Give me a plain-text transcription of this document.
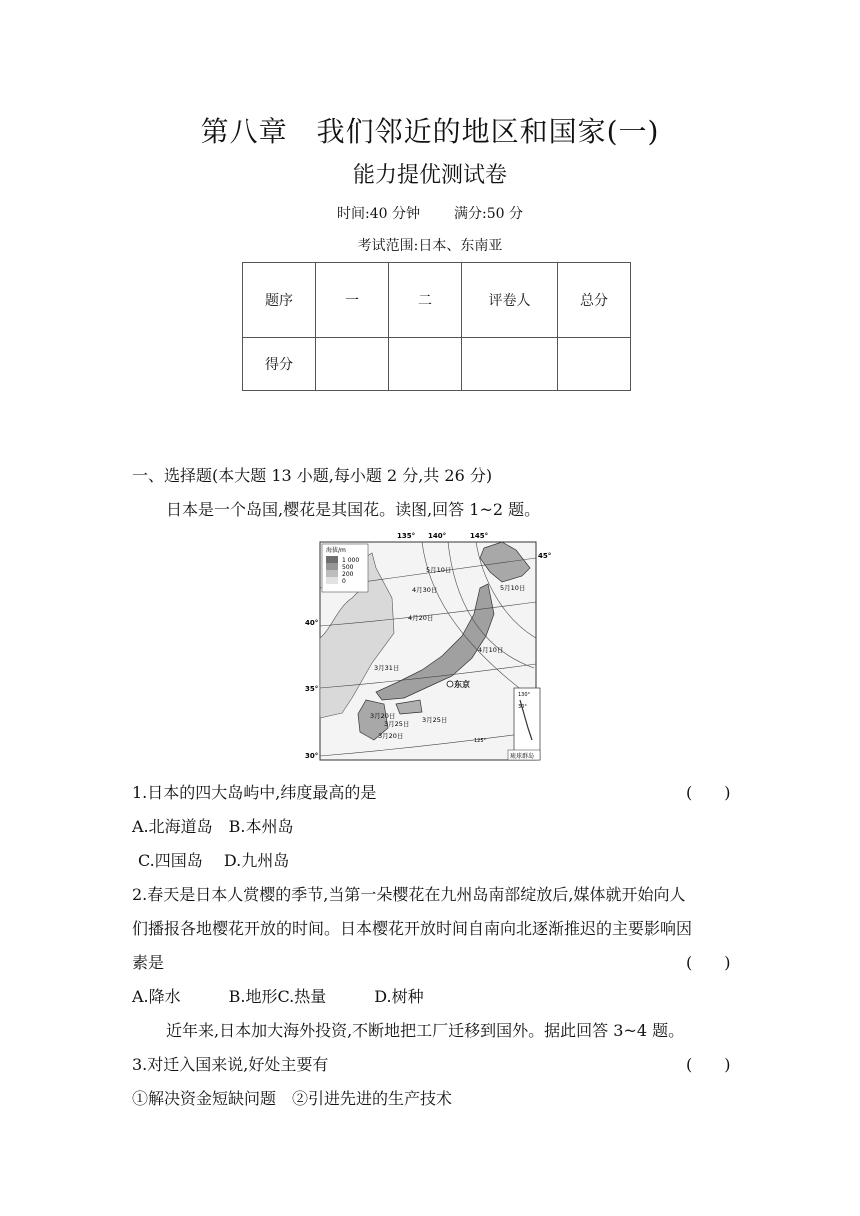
第八章　我们邻近的地区和国家(一)
能力提优测试卷
时间:40 分钟 满分:50 分
考试范围:日本、东南亚
题序	一	二	评卷人	总分
得分				
一、选择题(本大题 13 小题,每小题 2 分,共 26 分)
日本是一个岛国,樱花是其国花。读图,回答 1~2 题。
海拔/m
1 000
500
200
0
135° 140°	145°
45°
40°
35°
30°
5月10日
5月10日
4月30日
4月20日
4月10日
3月31日
3月20日
3月25日 3月25日
3月20日
东京
130°
30°
125°
琉球群岛
1.日本的四大岛屿中,纬度最高的是	(　　)
A.北海道岛　B.本州岛
C.四国岛　 D.九州岛
2.春天是日本人赏樱的季节,当第一朵樱花在九州岛南部绽放后,媒体就开始向人
们播报各地樱花开放的时间。日本樱花开放时间自南向北逐渐推迟的主要影响因
素是	(　　)
A.降水　　　B.地形C.热量　　　D.树种
近年来,日本加大海外投资,不断地把工厂迁移到国外。据此回答 3~4 题。
3.对迁入国来说,好处主要有	(　　)
①解决资金短缺问题　②引进先进的生产技术
